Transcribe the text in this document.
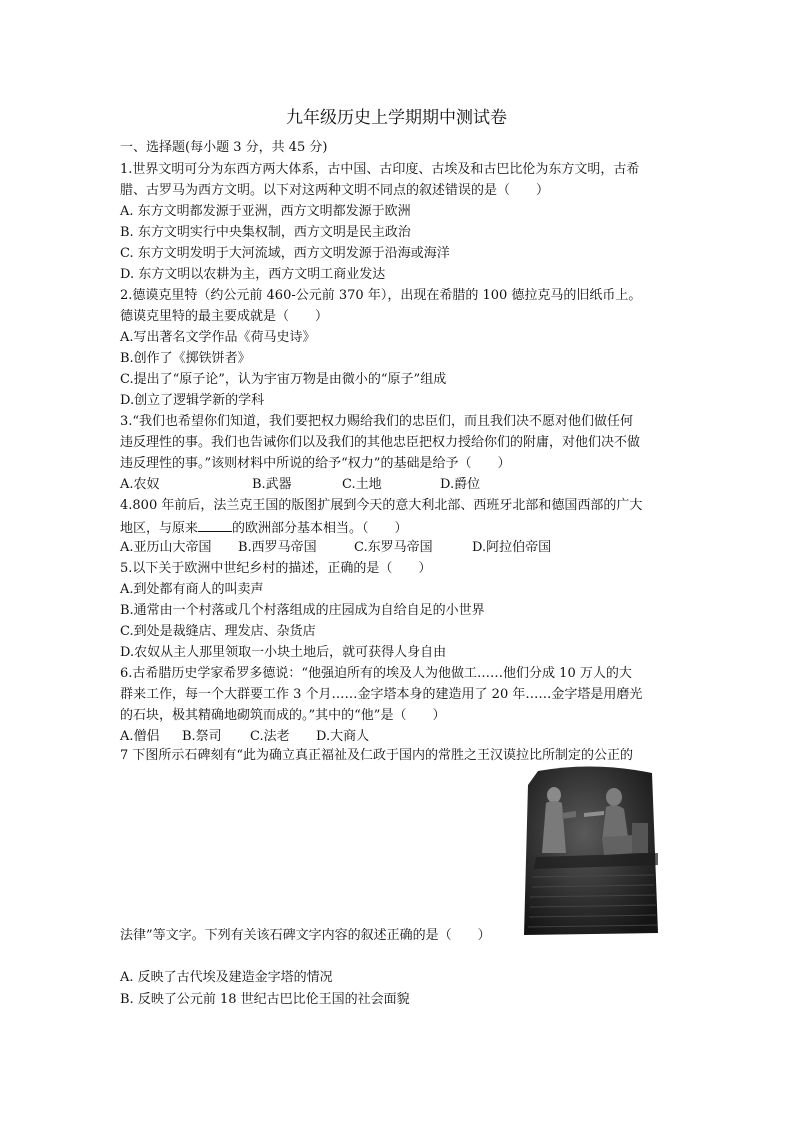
九年级历史上学期期中测试卷
一、选择题(每小题 3 分，共 45 分)
1.世界文明可分为东西方两大体系，古中国、古印度、古埃及和古巴比伦为东方文明，古希
腊、古罗马为西方文明。以下对这两种文明不同点的叙述错误的是（　　）
A. 东方文明都发源于亚洲，西方文明都发源于欧洲
B. 东方文明实行中央集权制，西方文明是民主政治
C. 东方文明发明于大河流域，西方文明发源于沿海或海洋
D. 东方文明以农耕为主，西方文明工商业发达
2.德谟克里特（约公元前 460-公元前 370 年），出现在希腊的 100 德拉克马的旧纸币上。
德谟克里特的最主要成就是（　　）
A.写出著名文学作品《荷马史诗》
B.创作了《掷铁饼者》
C.提出了“原子论”，认为宇宙万物是由微小的“原子”组成
D.创立了逻辑学新的学科
3.“我们也希望你们知道，我们要把权力赐给我们的忠臣们，而且我们决不愿对他们做任何
违反理性的事。我们也告诫你们以及我们的其他忠臣把权力授给你们的附庸，对他们决不做
违反理性的事。”该则材料中所说的给予“权力”的基础是给予（　　）
A.农奴	B.武器	C.土地	D.爵位
4.800 年前后，法兰克王国的版图扩展到今天的意大利北部、西班牙北部和德国西部的广大
地区，与原来	的欧洲部分基本相当。（　　）
A.亚历山大帝国 B.西罗马帝国	C.东罗马帝国	D.阿拉伯帝国
5.以下关于欧洲中世纪乡村的描述，正确的是（　　）
A.到处都有商人的叫卖声
B.通常由一个村落或几个村落组成的庄园成为自给自足的小世界
C.到处是裁缝店、理发店、杂货店
D.农奴从主人那里领取一小块土地后，就可获得人身自由
6.古希腊历史学家希罗多德说：“他强迫所有的埃及人为他做工……他们分成 10 万人的大
群来工作，每一个大群要工作 3 个月……金字塔本身的建造用了 20 年……金字塔是用磨光
的石块，极其精确地砌筑而成的。”其中的“他”是（　　）
A.僧侣 B.祭司 C.法老 D.大商人
7 下图所示石碑刻有“此为确立真正福祉及仁政于国内的常胜之王汉谟拉比所制定的公正的
法律”等文字。下列有关该石碑文字内容的叙述正确的是（　　）
A. 反映了古代埃及建造金字塔的情况
B. 反映了公元前 18 世纪古巴比伦王国的社会面貌
